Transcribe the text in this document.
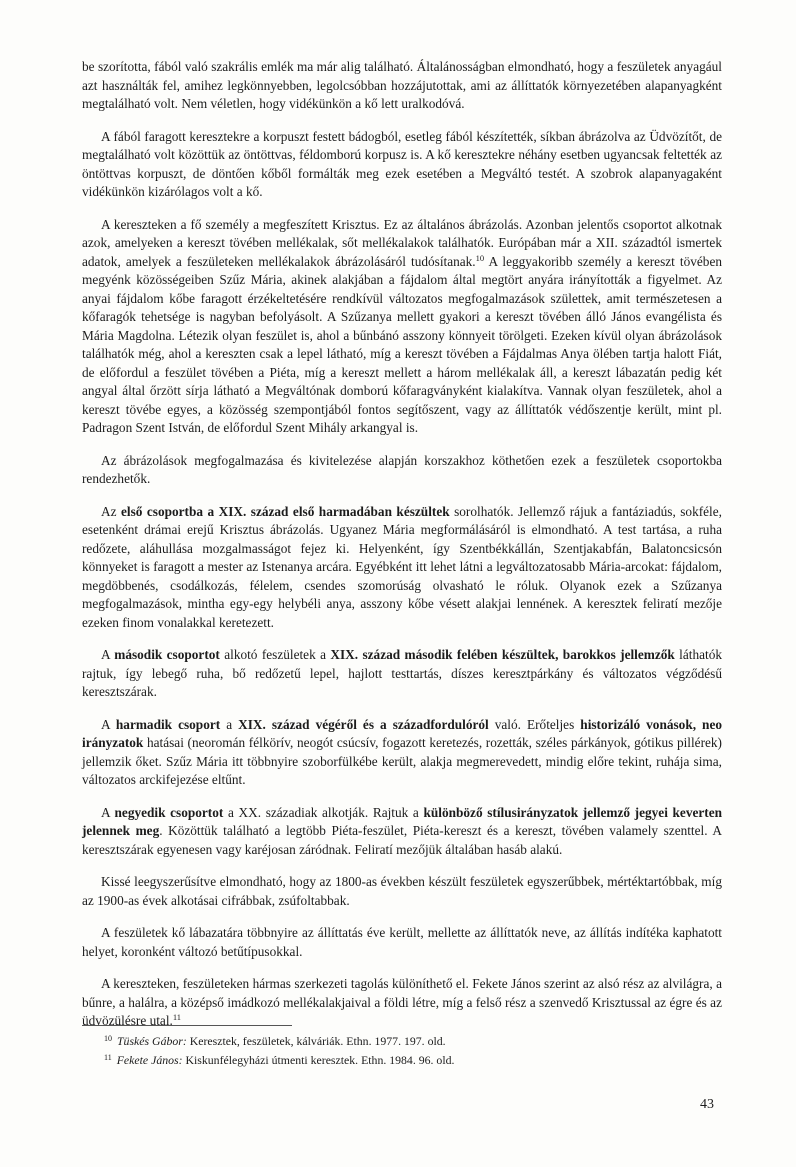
be szorította, fából való szakrális emlék ma már alig található. Általánosságban elmondható, hogy a feszületek anyagául azt használták fel, amihez legkönnyebben, legolcsóbban hozzájutottak, ami az állíttatók környezetében alapanyagként megtalálható volt. Nem véletlen, hogy vidékünkön a kő lett uralkodóvá.

A fából faragott keresztekre a korpuszt festett bádogból, esetleg fából készítették, síkban ábrázolva az Üdvözítőt, de megtalálható volt közöttük az öntöttvas, féldomború korpusz is. A kő keresztekre néhány esetben ugyancsak feltették az öntöttvas korpuszt, de döntően kőből formálták meg ezek esetében a Megváltó testét. A szobrok alapanyagaként vidékünkön kizárólagos volt a kő.

A kereszteken a fő személy a megfeszített Krisztus. Ez az általános ábrázolás. Azonban jelentős csoportot alkotnak azok, amelyeken a kereszt tövében mellékalak, sőt mellékalakok találhatók. Európában már a XII. századtól ismertek adatok, amelyek a feszületeken mellékalakok ábrázolásáról tudósítanak.$^{10}$ A leggyakoribb személy a kereszt tövében megyénk közösségeiben Szűz Mária, akinek alakjában a fájdalom által megtört anyára irányították a figyelmet. Az anyai fájdalom kőbe faragott érzékeltetésére rendkívül változatos megfogalmazások születtek, amit természetesen a kőfaragók tehetsége is nagyban befolyásolt. A Szűzanya mellett gyakori a kereszt tövében álló János evangélista és Mária Magdolna. Létezik olyan feszület is, ahol a bűnbánó asszony könnyeit törölgeti. Ezeken kívül olyan ábrázolások találhatók még, ahol a kereszten csak a lepel látható, míg a kereszt tövében a Fájdalmas Anya ölében tartja halott Fiát, de előfordul a feszület tövében a Piéta, míg a kereszt mellett a három mellékalak áll, a kereszt lábazatán pedig két angyal által őrzött sírja látható a Megváltónak domború kőfaragványként kialakítva. Vannak olyan feszületek, ahol a kereszt tövébe egyes, a közösség szempontjából fontos segítőszent, vagy az állíttatók védőszentje került, mint pl. Padragon Szent István, de előfordul Szent Mihály arkangyal is.

Az ábrázolások megfogalmazása és kivitelezése alapján korszakhoz köthetően ezek a feszületek csoportokba rendezhetők.

Az első csoportba a XIX. század első harmadában készültek sorolhatók. Jellemző rájuk a fantáziadús, sokféle, esetenként drámai erejű Krisztus ábrázolás. Ugyanez Mária megformálásáról is elmondható. A test tartása, a ruha redőzete, aláhullása mozgalmasságot fejez ki. Helyenként, így Szentbékkállán, Szentjakabfán, Balatoncsicsón könnyeket is faragott a mester az Istenanya arcára. Egyébként itt lehet látni a legváltozatosabb Mária-arcokat: fájdalom, megdöbbenés, csodálkozás, félelem, csendes szomorúság olvasható le róluk. Olyanok ezek a Szűzanya megfogalmazások, mintha egy-egy helybéli anya, asszony kőbe vésett alakjai lennének. A keresztek feliratí mezője ezeken finom vonalakkal keretezett.

A második csoportot alkotó feszületek a XIX. század második felében készültek, barokkos jellemzők láthatók rajtuk, így lebegő ruha, bő redőzetű lepel, hajlott testtartás, díszes keresztpárkány és változatos végződésű keresztszárak.

A harmadik csoport a XIX. század végéről és a századfordulóról való. Erőteljes historizáló vonások, neo irányzatok hatásai (neoromán félkörív, neogót csúcsív, fogazott keretezés, rozetták, széles párkányok, gótikus pillérek) jellemzik őket. Szűz Mária itt többnyire szoborfülkébe került, alakja megmerevedett, mindig előre tekint, ruhája sima, változatos arckifejezése eltűnt.

A negyedik csoportot a XX. századiak alkotják. Rajtuk a különböző stílusirányzatok jellemző jegyei keverten jelennek meg. Közöttük található a legtöbb Piéta-feszület, Piéta-kereszt és a kereszt, tövében valamely szenttel. A keresztszárak egyenesen vagy karéjosan záródnak. Feliratí mezőjük általában hasáb alakú.

Kissé leegyszerűsítve elmondható, hogy az 1800-as években készült feszületek egyszerűbbek, mértéktartóbbak, míg az 1900-as évek alkotásai cifrábbak, zsúfoltabbak.

A feszületek kő lábazatára többnyire az állíttatás éve került, mellette az állíttatók neve, az állítás indítéka kaphatott helyet, koronként változó betűtípusokkal.

A kereszteken, feszületeken hármas szerkezeti tagolás különíthető el. Fekete János szerint az alsó rész az alvilágra, a bűnre, a halálra, a középső imádkozó mellékalakjaival a földi létre, míg a felső rész a szenvedő Krisztussal az égre és az üdvözülésre utal.$^{11}$

$^{10}$ Tüskés Gábor: Keresztek, feszületek, kálváriák. Ethn. 1977. 197. old.
$^{11}$ Fekete János: Kiskunfélegyházi útmenti keresztek. Ethn. 1984. 96. old.
43
